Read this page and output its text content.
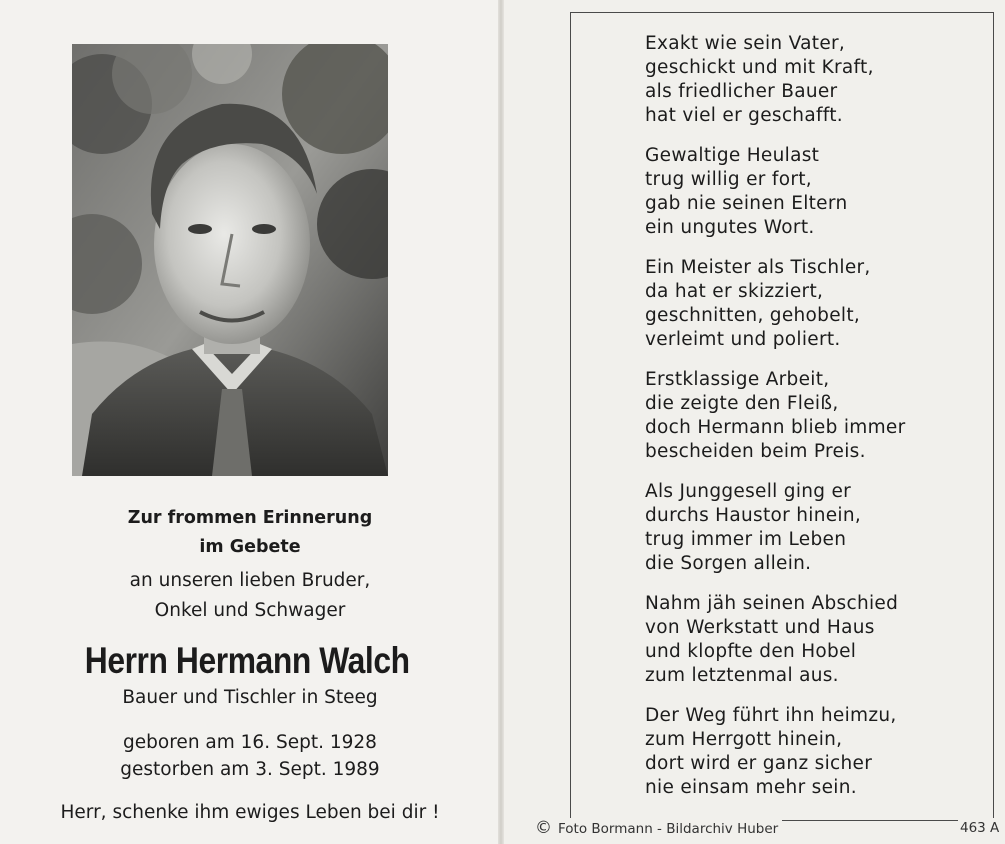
Zur frommen Erinnerung
im Gebete
an unseren lieben Bruder,
Onkel und Schwager
Herrn Hermann Walch
Bauer und Tischler in Steeg
geboren am 16. Sept. 1928
gestorben am 3. Sept. 1989
Herr, schenke ihm ewiges Leben bei dir !
Exakt wie sein Vater,
geschickt und mit Kraft,
als friedlicher Bauer
hat viel er geschafft.
Gewaltige Heulast
trug willig er fort,
gab nie seinen Eltern
ein ungutes Wort.
Ein Meister als Tischler,
da hat er skizziert,
geschnitten, gehobelt,
verleimt und poliert.
Erstklassige Arbeit,
die zeigte den Fleiß,
doch Hermann blieb immer
bescheiden beim Preis.
Als Junggesell ging er
durchs Haustor hinein,
trug immer im Leben
die Sorgen allein.
Nahm jäh seinen Abschied
von Werkstatt und Haus
und klopfte den Hobel
zum letztenmal aus.
Der Weg führt ihn heimzu,
zum Herrgott hinein,
dort wird er ganz sicher
nie einsam mehr sein.
© Foto Bormann - Bildarchiv Huber	463 A
